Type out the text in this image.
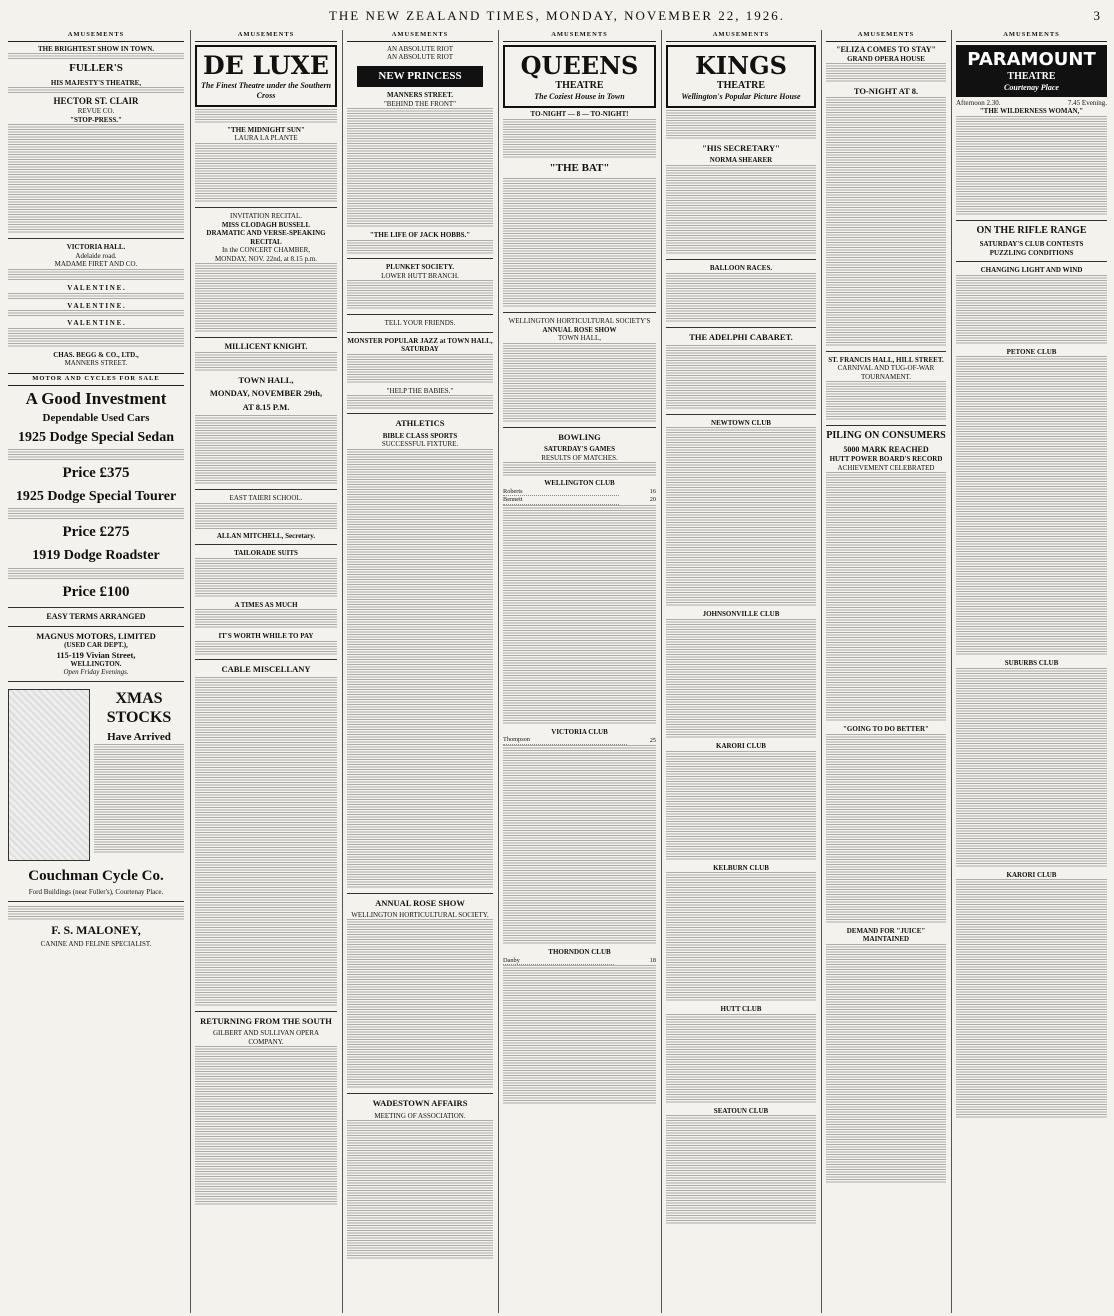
THE NEW ZEALAND TIMES, MONDAY, NOVEMBER 22, 1926.	3
AMUSEMENTS
THE BRIGHTEST SHOW IN TOWN.
FULLER'S
HIS MAJESTY'S THEATRE,
HECTOR ST. CLAIR
REVUE CO.
"STOP-PRESS."
VICTORIA HALL.
Adelaide road.
MADAME FIRET AND CO.
V A L E N T I N E .
V A L E N T I N E .
V A L E N T I N E .
CHAS. BEGG & CO., LTD.,
MANNERS STREET.
MOTOR AND CYCLES FOR SALE
A Good Investment
Dependable Used Cars
1925 Dodge Special Sedan
Price £375
1925 Dodge Special Tourer
Price £275
1919 Dodge Roadster
Price £100
EASY TERMS ARRANGED
MAGNUS MOTORS, LIMITED
(USED CAR DEPT.),
115-119 Vivian Street,
WELLINGTON.
Open Friday Evenings.
XMAS STOCKS
Have Arrived
Couchman Cycle Co.
Ford Buildings (near Fuller's), Courtenay Place.
F. S. MALONEY,
CANINE AND FELINE SPECIALIST.
AMUSEMENTS
DE LUXE
The Finest Theatre under the Southern Cross
"THE MIDNIGHT SUN"
LAURA LA PLANTE
INVITATION RECITAL.
MISS CLODAGH BUSSELL
DRAMATIC AND VERSE-SPEAKING RECITAL
In the CONCERT CHAMBER,
MONDAY, NOV. 22nd, at 8.15 p.m.
MILLICENT KNIGHT.
TOWN HALL,
MONDAY, NOVEMBER 29th,
AT 8.15 P.M.
EAST TAIERI SCHOOL.
ALLAN MITCHELL, Secretary.
TAILORADE SUITS
A TIMES AS MUCH
IT'S WORTH WHILE TO PAY
CABLE MISCELLANY
RETURNING FROM THE SOUTH
GILBERT AND SULLIVAN OPERA COMPANY.
AMUSEMENTS
AN ABSOLUTE RIOT
AN ABSOLUTE RIOT
NEW PRINCESS
MANNERS STREET.
"BEHIND THE FRONT"
"THE LIFE OF JACK HOBBS."
PLUNKET SOCIETY.
LOWER HUTT BRANCH.
TELL YOUR FRIENDS.
MONSTER POPULAR JAZZ at TOWN HALL, SATURDAY
"HELP THE BABIES."
ATHLETICS
BIBLE CLASS SPORTS
SUCCESSFUL FIXTURE.
ANNUAL ROSE SHOW
WELLINGTON HORTICULTURAL SOCIETY.
WADESTOWN AFFAIRS
MEETING OF ASSOCIATION.
AMUSEMENTS
QUEENS
THEATRE
The Coziest House in Town
TO-NIGHT — 8 — TO-NIGHT!
"THE BAT"
WELLINGTON HORTICULTURAL SOCIETY'S
ANNUAL ROSE SHOW
TOWN HALL,
BOWLING
SATURDAY'S GAMES
RESULTS OF MATCHES.
WELLINGTON CLUB
Roberts	16
Bennett	20
VICTORIA CLUB
Thompson	25
THORNDON CLUB
Danby	18
AMUSEMENTS
KINGS
THEATRE
Wellington's Popular Picture House
"HIS SECRETARY"
NORMA SHEARER
BALLOON RACES.
THE ADELPHI CABARET.
NEWTOWN CLUB
JOHNSONVILLE CLUB
KARORI CLUB
KELBURN CLUB
HUTT CLUB
SEATOUN CLUB
AMUSEMENTS
"ELIZA COMES TO STAY"
GRAND OPERA HOUSE
TO-NIGHT AT 8.
ST. FRANCIS HALL, HILL STREET.
CARNIVAL AND TUG-OF-WAR TOURNAMENT.
PILING ON CONSUMERS
5000 MARK REACHED
HUTT POWER BOARD'S RECORD
ACHIEVEMENT CELEBRATED
"GOING TO DO BETTER"
DEMAND FOR "JUICE" MAINTAINED
AMUSEMENTS
PARAMOUNT
THEATRE
Courtenay Place
Afternoon 2.30.	7.45 Evening.
"THE WILDERNESS WOMAN,"
ON THE RIFLE RANGE
SATURDAY'S CLUB CONTESTS
PUZZLING CONDITIONS
CHANGING LIGHT AND WIND
PETONE CLUB
SUBURBS CLUB
KARORI CLUB
